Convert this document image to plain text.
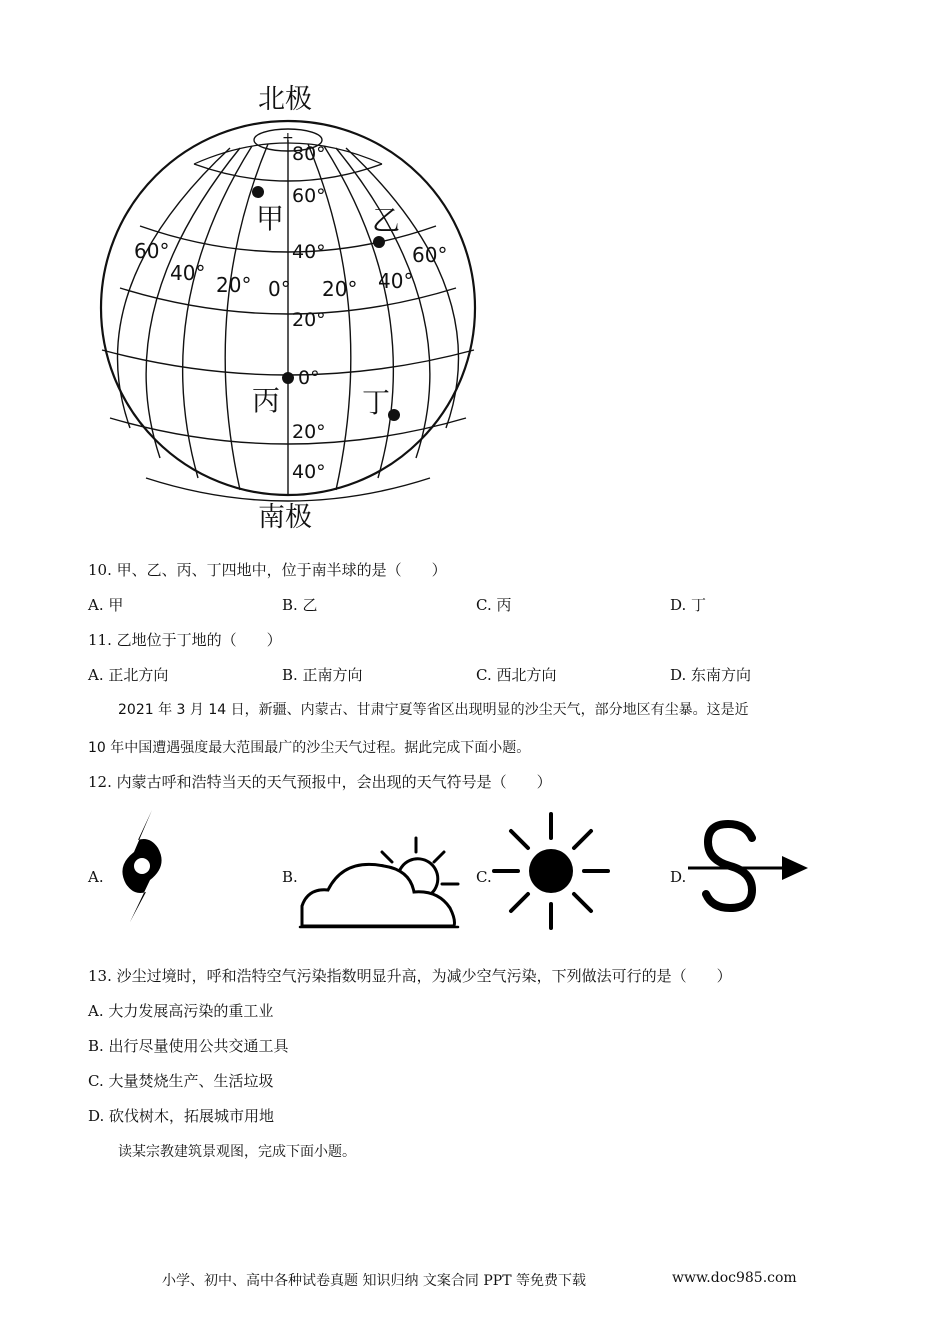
北极
南极
+
80°
60°
40°
20°
0°
20°
40°
60°
40° 20° 0° 20° 40°
60°
甲	乙
丙	丁
10. 甲、乙、丙、丁四地中，位于南半球的是（　　）
A. 甲	B. 乙	C. 丙	D. 丁
11. 乙地位于丁地的（　　）
A. 正北方向	B. 正南方向	C. 西北方向	D. 东南方向
2021 年 3 月 14 日，新疆、内蒙古、甘肃宁夏等省区出现明显的沙尘天气，部分地区有尘暴。这是近
10 年中国遭遇强度最大范围最广的沙尘天气过程。据此完成下面小题。
12. 内蒙古呼和浩特当天的天气预报中，会出现的天气符号是（　　）
A.	B.	C.	D.
13. 沙尘过境时，呼和浩特空气污染指数明显升高，为减少空气污染，下列做法可行的是（　　）
A. 大力发展高污染的重工业
B. 出行尽量使用公共交通工具
C. 大量焚烧生产、生活垃圾
D. 砍伐树木，拓展城市用地
读某宗教建筑景观图，完成下面小题。
小学、初中、高中各种试卷真题 知识归纳 文案合同 PPT 等免费下载	www.doc985.com
